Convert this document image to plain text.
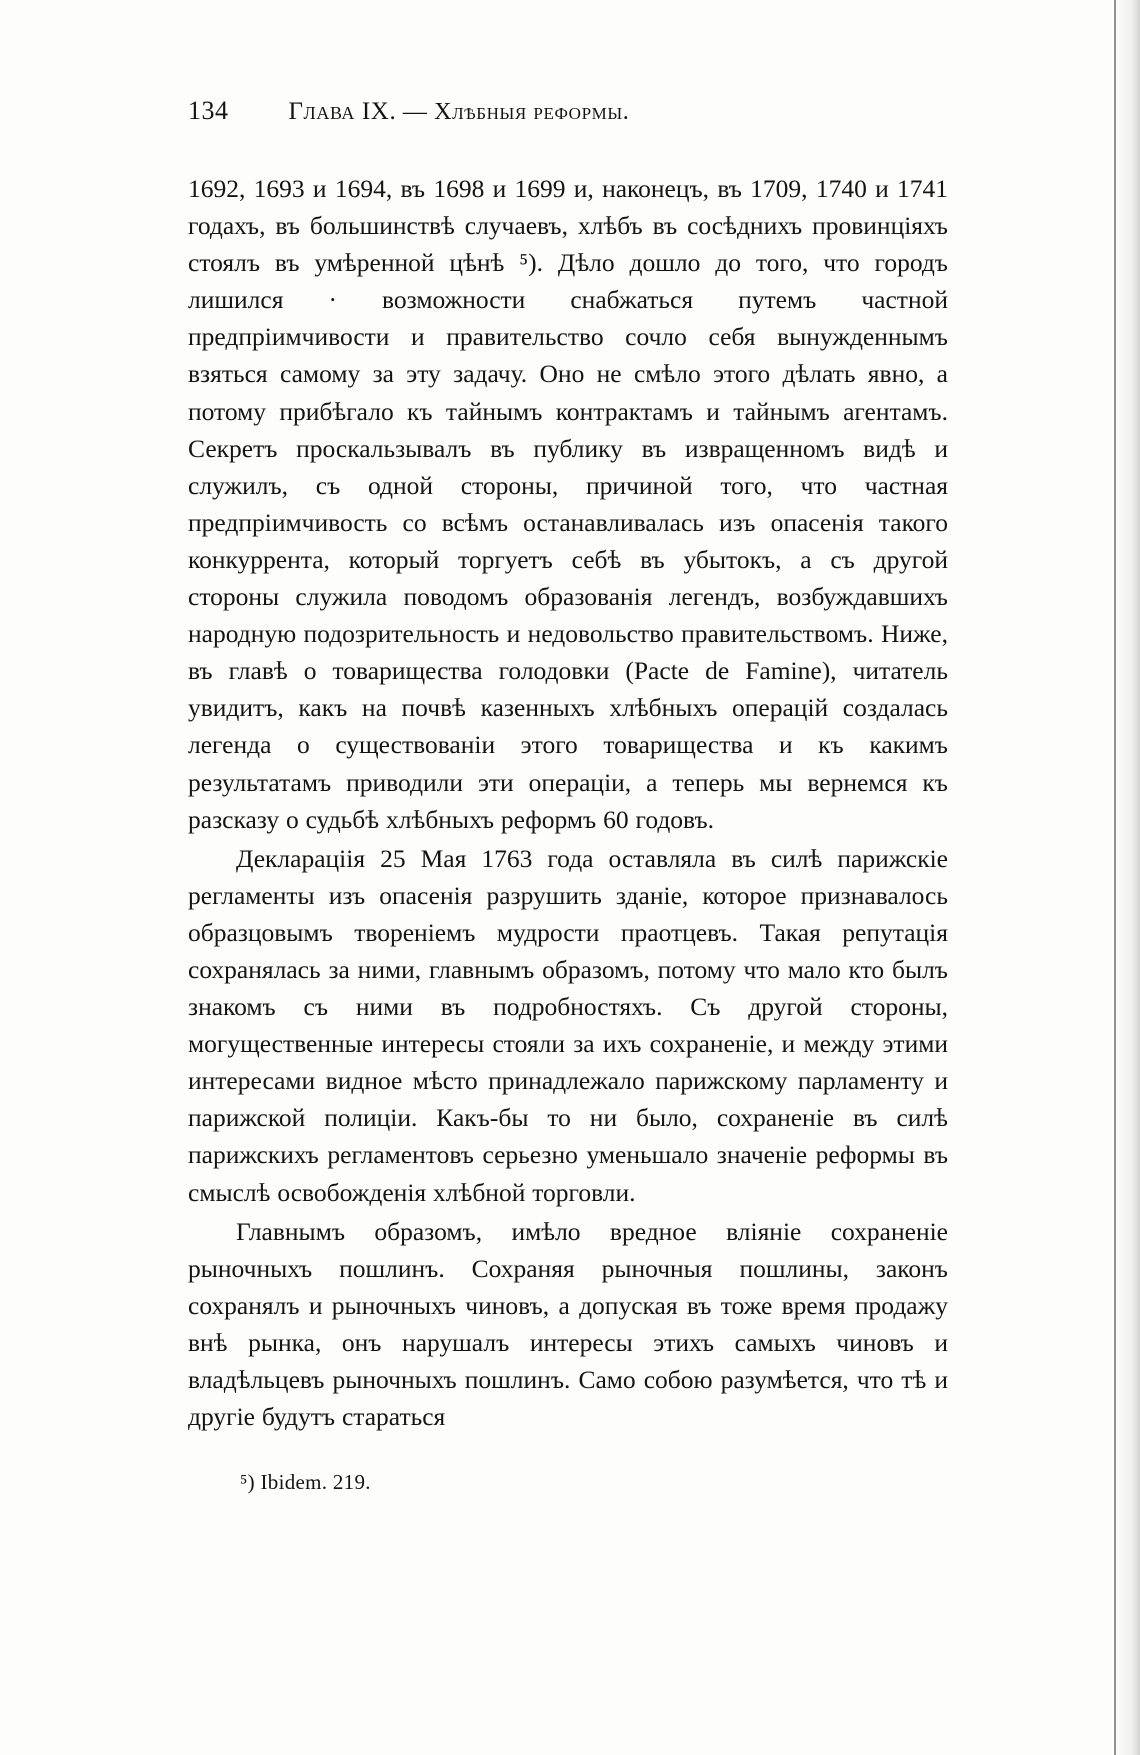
134 Глава IX. — Хлѣбныя реформы.

1692, 1693 и 1694, въ 1698 и 1699 и, наконецъ, въ 1709, 1740 и 1741 годахъ, въ большинствѣ случаевъ, хлѣбъ въ сосѣднихъ провинціяхъ стоялъ въ умѣренной цѣнѣ ⁵). Дѣло дошло до того, что городъ лишился · возможности снабжаться путемъ частной предпріимчивости и правительство сочло себя вынужденнымъ взяться самому за эту задачу. Оно не смѣло этого дѣлать явно, а потому прибѣгало къ тайнымъ контрактамъ и тайнымъ агентамъ. Секретъ проскальзывалъ въ публику въ извращенномъ видѣ и служилъ, съ одной стороны, причиной того, что частная предпріимчивость со всѣмъ останавливалась изъ опасенія такого конкуррента, который торгуетъ себѣ въ убытокъ, а съ другой стороны служила поводомъ образованія легендъ, возбуждавшихъ народную подозрительность и недовольство правительствомъ. Ниже, въ главѣ о товарищества голодовки (Pacte de Famine), читатель увидитъ, какъ на почвѣ казенныхъ хлѣбныхъ операцій создалась легенда о существованіи этого товарищества и къ какимъ результатамъ приводили эти операціи, а теперь мы вернемся къ разсказу о судьбѣ хлѣбныхъ реформъ 60 годовъ.

Деклараціія 25 Мая 1763 года оставляла въ силѣ парижскіе регламенты изъ опасенія разрушить зданіе, которое признавалось образцовымъ твореніемъ мудрости праотцевъ. Такая репутація сохранялась за ними, главнымъ образомъ, потому что мало кто былъ знакомъ съ ними въ подробностяхъ. Съ другой стороны, могущественные интересы стояли за ихъ сохраненіе, и между этими интересами видное мѣсто принадлежало парижскому парламенту и парижской полиціи. Какъ-бы то ни было, сохраненіе въ силѣ парижскихъ регламентовъ серьезно уменьшало значеніе реформы въ смыслѣ освобожденія хлѣбной торговли.

Главнымъ образомъ, имѣло вредное вліяніе сохраненіе рыночныхъ пошлинъ. Сохраняя рыночныя пошлины, законъ сохранялъ и рыночныхъ чиновъ, а допуская въ тоже время продажу внѣ рынка, онъ нарушалъ интересы этихъ самыхъ чиновъ и владѣльцевъ рыночныхъ пошлинъ. Само собою разумѣется, что тѣ и другіе будутъ стараться

⁵) Ibidem. 219.
